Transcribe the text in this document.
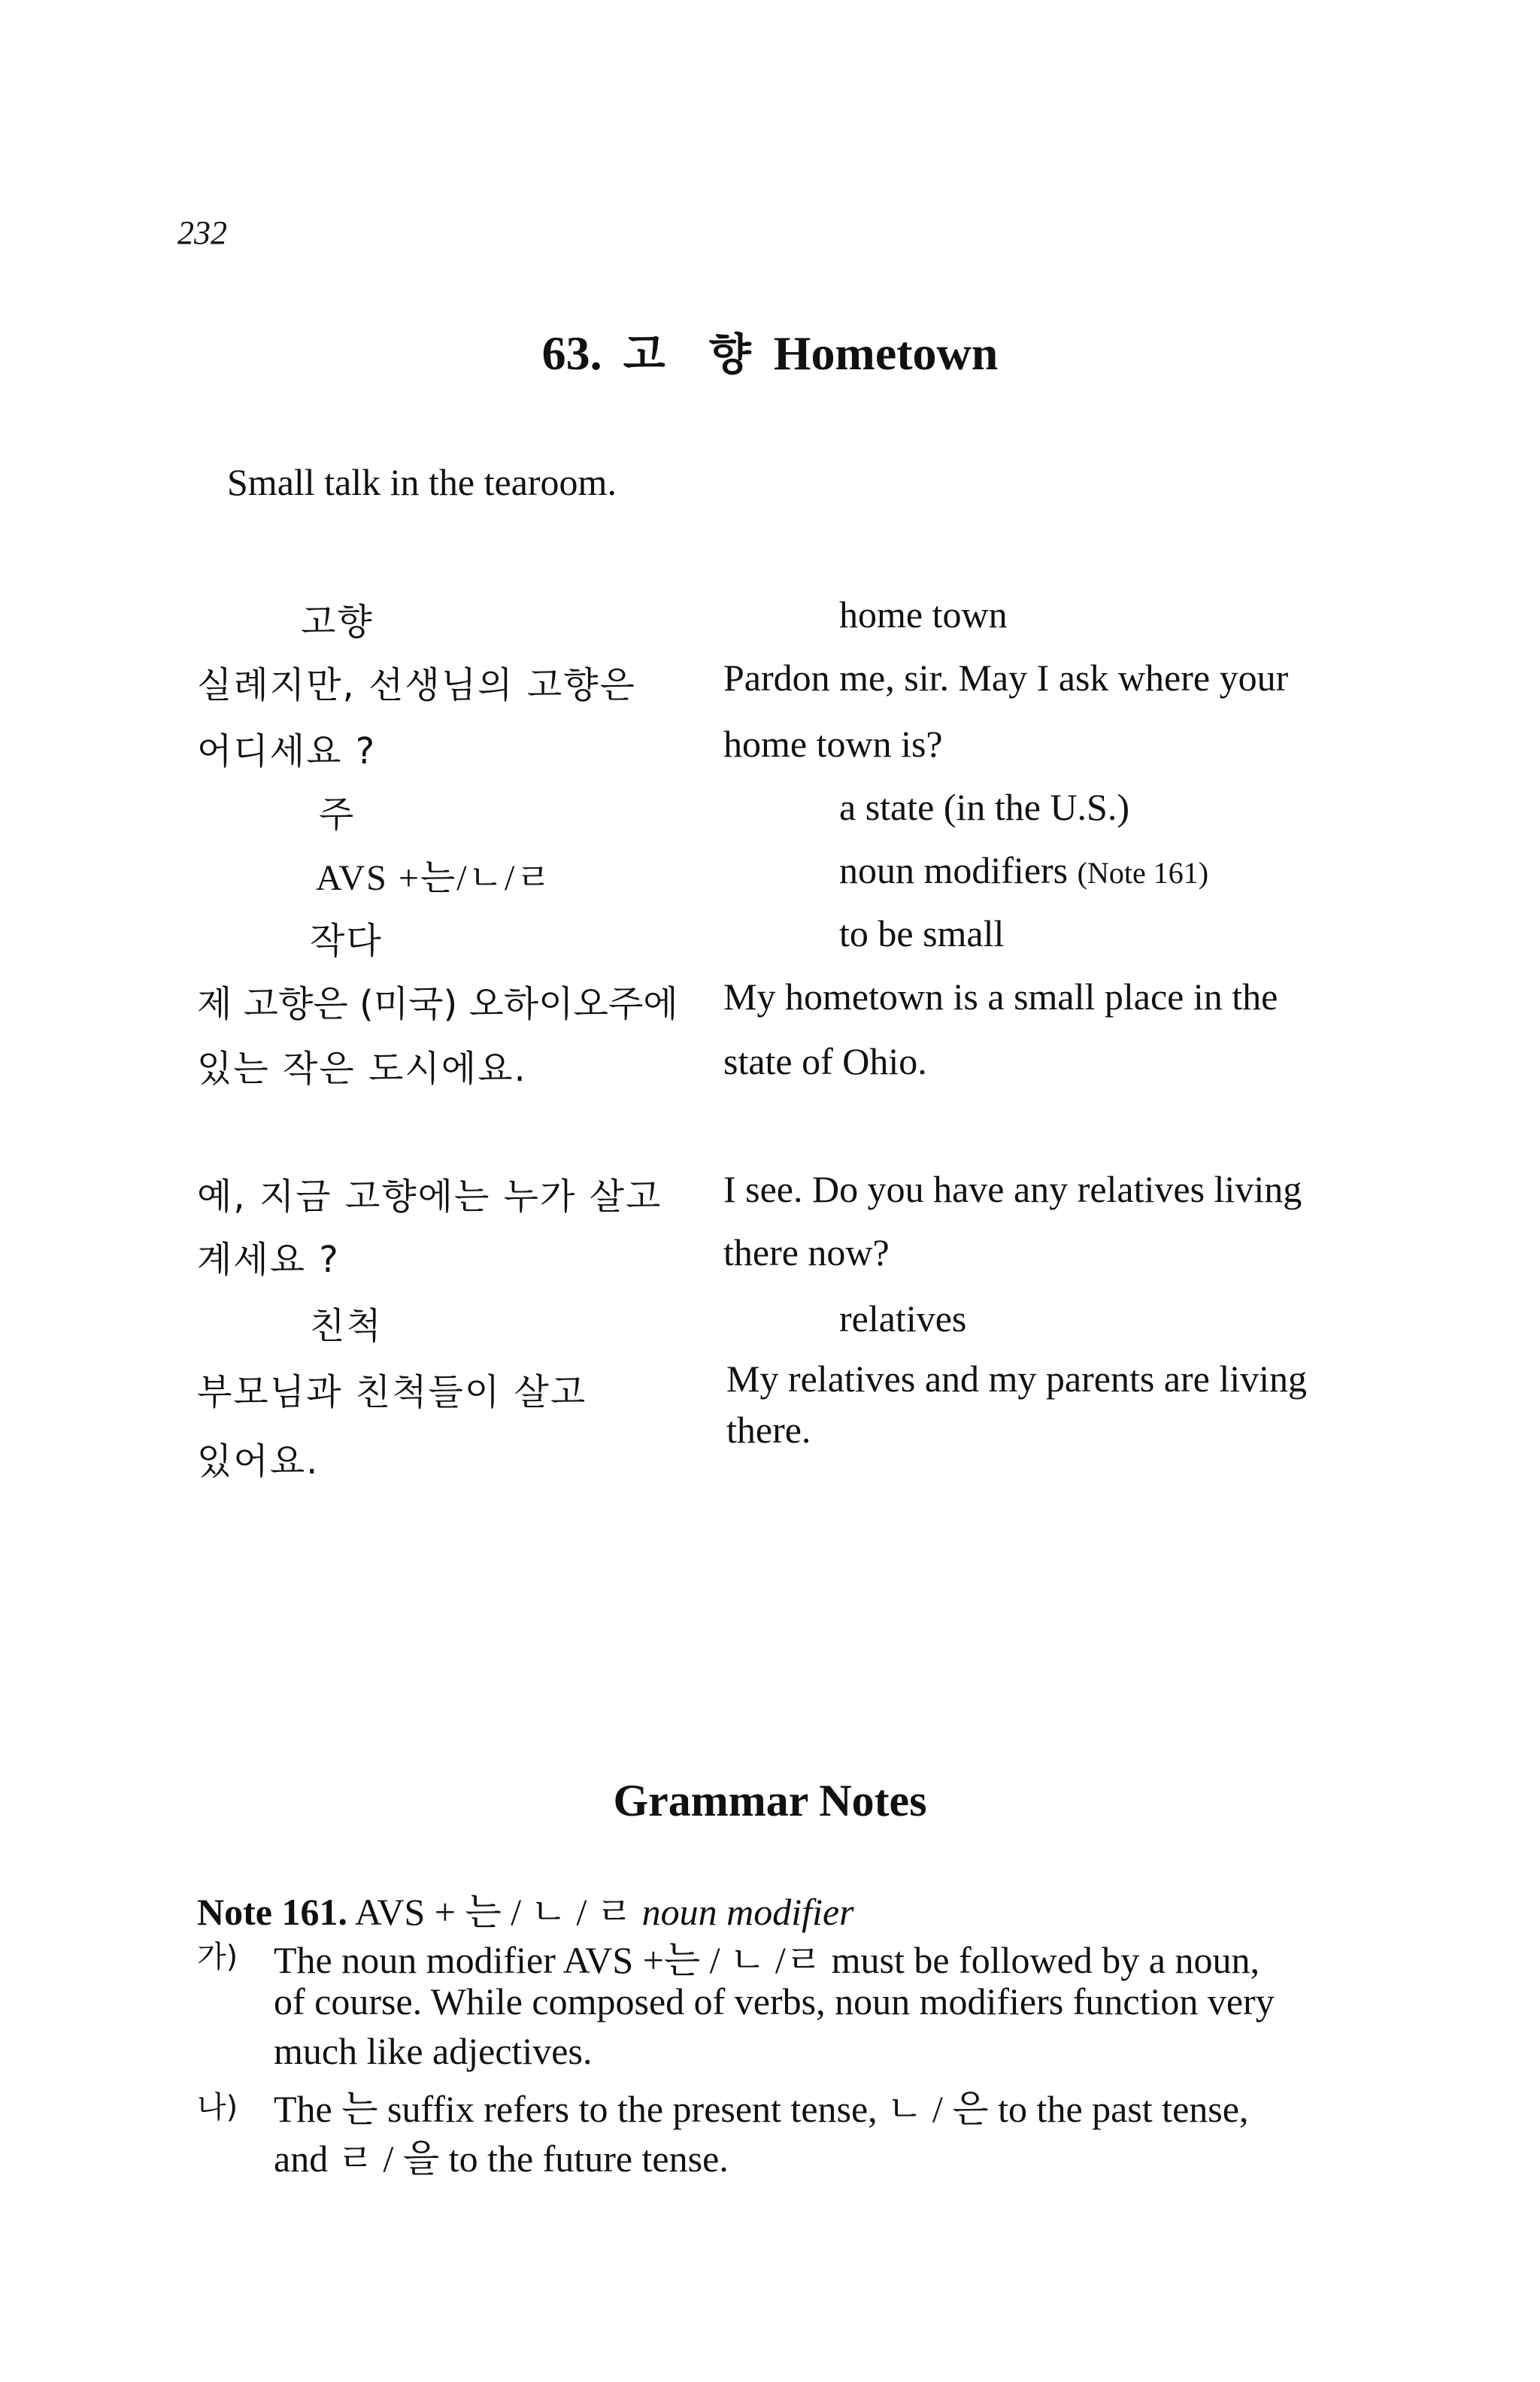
232
63. 고 향 Hometown
Small talk in the tearoom.
고향
실례지만, 선생님의 고향은
어디세요 ?
주
AVS +는/ㄴ/ㄹ
작다
제 고향은 (미국) 오하이오주에
있는 작은 도시에요.
예, 지금 고향에는 누가 살고
계세요 ?
친척
부모님과 친척들이 살고
있어요.
home town
Pardon me, sir. May I ask where your
home town is?
a state (in the U.S.)
noun modifiers (Note 161)
to be small
My hometown is a small place in the
state of Ohio.
I see. Do you have any relatives living
there now?
relatives
My relatives and my parents are living
there.
Grammar Notes
Note 161. AVS + 는 / ㄴ / ㄹ noun modifier
가) The noun modifier AVS +는 / ㄴ /ㄹ must be followed by a noun,
of course. While composed of verbs, noun modifiers function very
much like adjectives.
나) The 는 suffix refers to the present tense, ㄴ / 은 to the past tense,
and ㄹ / 을 to the future tense.
